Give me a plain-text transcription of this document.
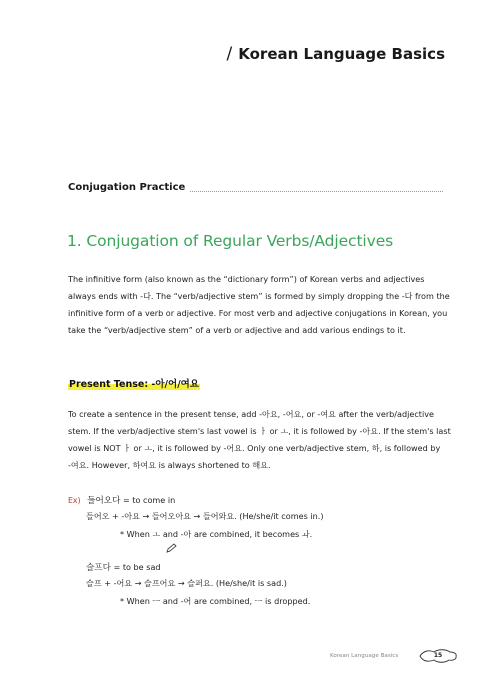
/ Korean Language Basics
Conjugation Practice
1. Conjugation of Regular Verbs/Adjectives

The infinitive form (also known as the “dictionary form”) of Korean verbs and adjectives

always ends with -다. The “verb/adjective stem” is formed by simply dropping the -다 from the

infinitive form of a verb or adjective. For most verb and adjective conjugations in Korean, you

take the “verb/adjective stem” of a verb or adjective and add various endings to it.

Present Tense: -아/어/여요

To create a sentence in the present tense, add -아요, -어요, or -여요 after the verb/adjective

stem. If the verb/adjective stem's last vowel is ㅏ or ㅗ, it is followed by -아요. If the stem's last

vowel is NOT ㅏ or ㅗ, it is followed by -어요. Only one verb/adjective stem, 하, is followed by

-여요. However, 하여요 is always shortened to 해요.

Ex) 들어오다 = to come in
들어오 + -아요 → 들어오아요 → 들어와요. (He/she/it comes in.)
* When ㅗ and -아 are combined, it becomes ㅘ.
슬프다 = to be sad
슬프 + -어요 → 슬프어요 → 슬퍼요. (He/she/it is sad.)
* When ㅡ and -어 are combined, ㅡ is dropped.
Korean Language Basics	15
